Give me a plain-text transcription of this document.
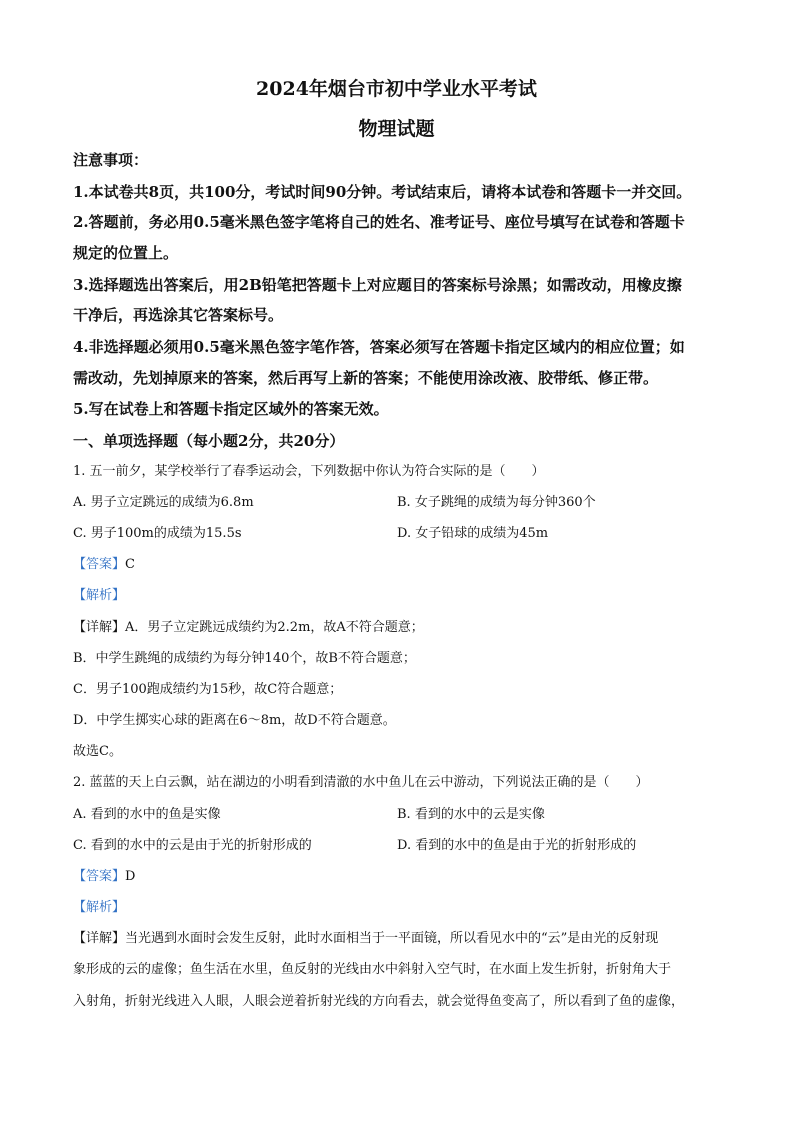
2024年烟台市初中学业水平考试
物理试题
注意事项：
1.本试卷共8页，共100分，考试时间90分钟。考试结束后，请将本试卷和答题卡一并交回。
2.答题前，务必用0.5毫米黑色签字笔将自己的姓名、准考证号、座位号填写在试卷和答题卡
规定的位置上。
3.选择题选出答案后，用2B铅笔把答题卡上对应题目的答案标号涂黑；如需改动，用橡皮擦
干净后，再选涂其它答案标号。
4.非选择题必须用0.5毫米黑色签字笔作答，答案必须写在答题卡指定区域内的相应位置；如
需改动，先划掉原来的答案，然后再写上新的答案；不能使用涂改液、胶带纸、修正带。
5.写在试卷上和答题卡指定区域外的答案无效。
一、单项选择题（每小题2分，共20分）
1. 五一前夕，某学校举行了春季运动会，下列数据中你认为符合实际的是（　　）
A. 男子立定跳远的成绩为6.8m	B. 女子跳绳的成绩为每分钟360个
C. 男子100m的成绩为15.5s	D. 女子铅球的成绩为45m
【答案】C
【解析】
【详解】A．男子立定跳远成绩约为2.2m，故A不符合题意；
B．中学生跳绳的成绩约为每分钟140个，故B不符合题意；
C．男子100跑成绩约为15秒，故C符合题意；
D．中学生掷实心球的距离在6～8m，故D不符合题意。
故选C。
2. 蓝蓝的天上白云飘，站在湖边的小明看到清澈的水中鱼儿在云中游动，下列说法正确的是（　　）
A. 看到的水中的鱼是实像	B. 看到的水中的云是实像
C. 看到的水中的云是由于光的折射形成的	D. 看到的水中的鱼是由于光的折射形成的
【答案】D
【解析】
【详解】当光遇到水面时会发生反射，此时水面相当于一平面镜，所以看见水中的“云”是由光的反射现
象形成的云的虚像；鱼生活在水里，鱼反射的光线由水中斜射入空气时，在水面上发生折射，折射角大于
入射角，折射光线进入人眼，人眼会逆着折射光线的方向看去，就会觉得鱼变高了，所以看到了鱼的虚像，
